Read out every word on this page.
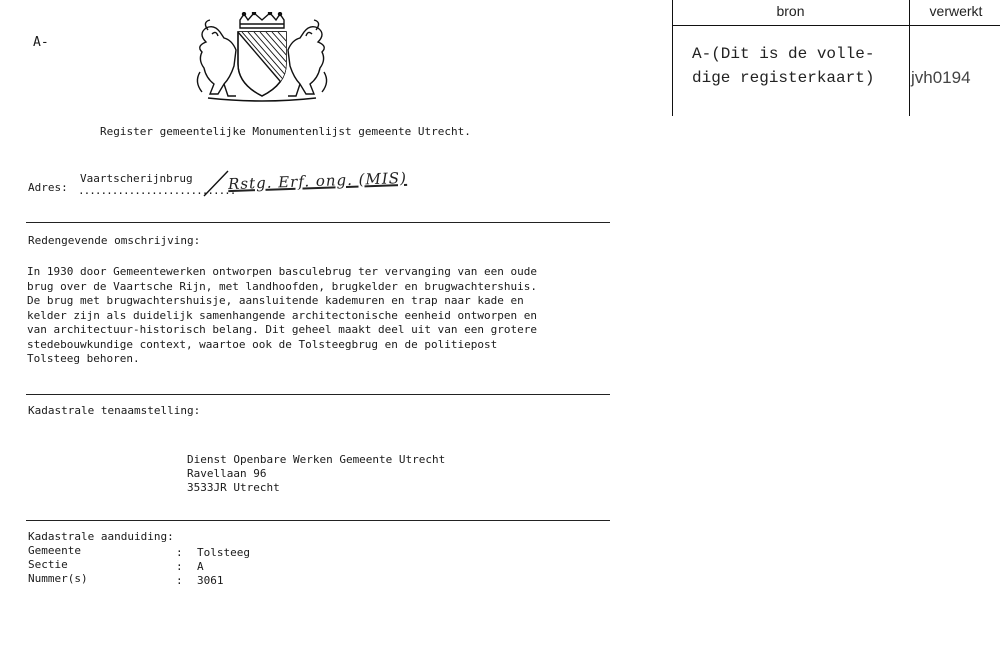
A-
bron	verwerkt
A-(Dit is de volle-
dige registerkaart) jvh0194
Register gemeentelijke Monumentenlijst gemeente Utrecht.
Vaartscherijnbrug
Adres: ............................
Rstg. Erf. ong. (MIS)
Redengevende omschrijving:
In 1930 door Gemeentewerken ontworpen basculebrug ter vervanging van een oude
brug over de Vaartsche Rijn, met landhoofden, brugkelder en brugwachtershuis.
De brug met brugwachtershuisje, aansluitende kademuren en trap naar kade en
kelder zijn als duidelijk samenhangende architectonische eenheid ontworpen en
van architectuur-historisch belang. Dit geheel maakt deel uit van een grotere
stedebouwkundige context, waartoe ook de Tolsteegbrug en de politiepost
Tolsteeg behoren.
Kadastrale tenaamstelling:
Dienst Openbare Werken Gemeente Utrecht
Ravellaan 96
3533JR Utrecht
Kadastrale aanduiding:
Gemeente	: Tolsteeg
Sectie	: A
Nummer(s)	: 3061
